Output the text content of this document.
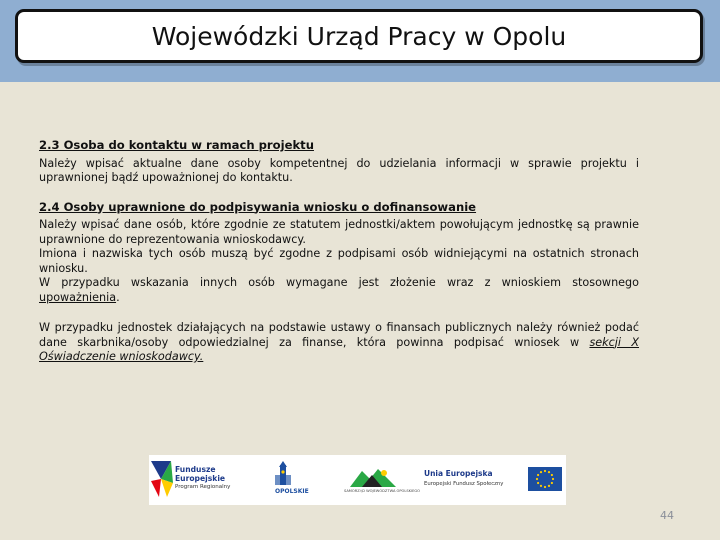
Wojewódzki Urząd Pracy w Opolu
2.3 Osoba do kontaktu w ramach projektu

Należy wpisać aktualne dane osoby kompetentnej do udzielania informacji w sprawie projektu i uprawnionej bądź upoważnionej do kontaktu.

2.4 Osoby uprawnione do podpisywania wniosku o dofinansowanie

Należy wpisać dane osób, które zgodnie ze statutem jednostki/aktem powołującym jednostkę są prawnie uprawnione do reprezentowania wnioskodawcy.

Imiona i nazwiska tych osób muszą być zgodne z podpisami osób widniejącymi na ostatnich stronach wniosku.

W przypadku wskazania innych osób wymagane jest złożenie wraz z wnioskiem stosownego upoważnienia.

W przypadku jednostek działających na podstawie ustawy o finansach publicznych należy również podać dane skarbnika/osoby odpowiedzialnej za finanse, która powinna podpisać wniosek w sekcji X Oświadczenie wnioskodawcy.

Fundusze
Europejskie
Program Regionalny
OPOLSKIE	SAMORZĄD WOJEWÓDZTWA OPOLSKIEGO
Unia Europejska
Europejski Fundusz Społeczny
44
